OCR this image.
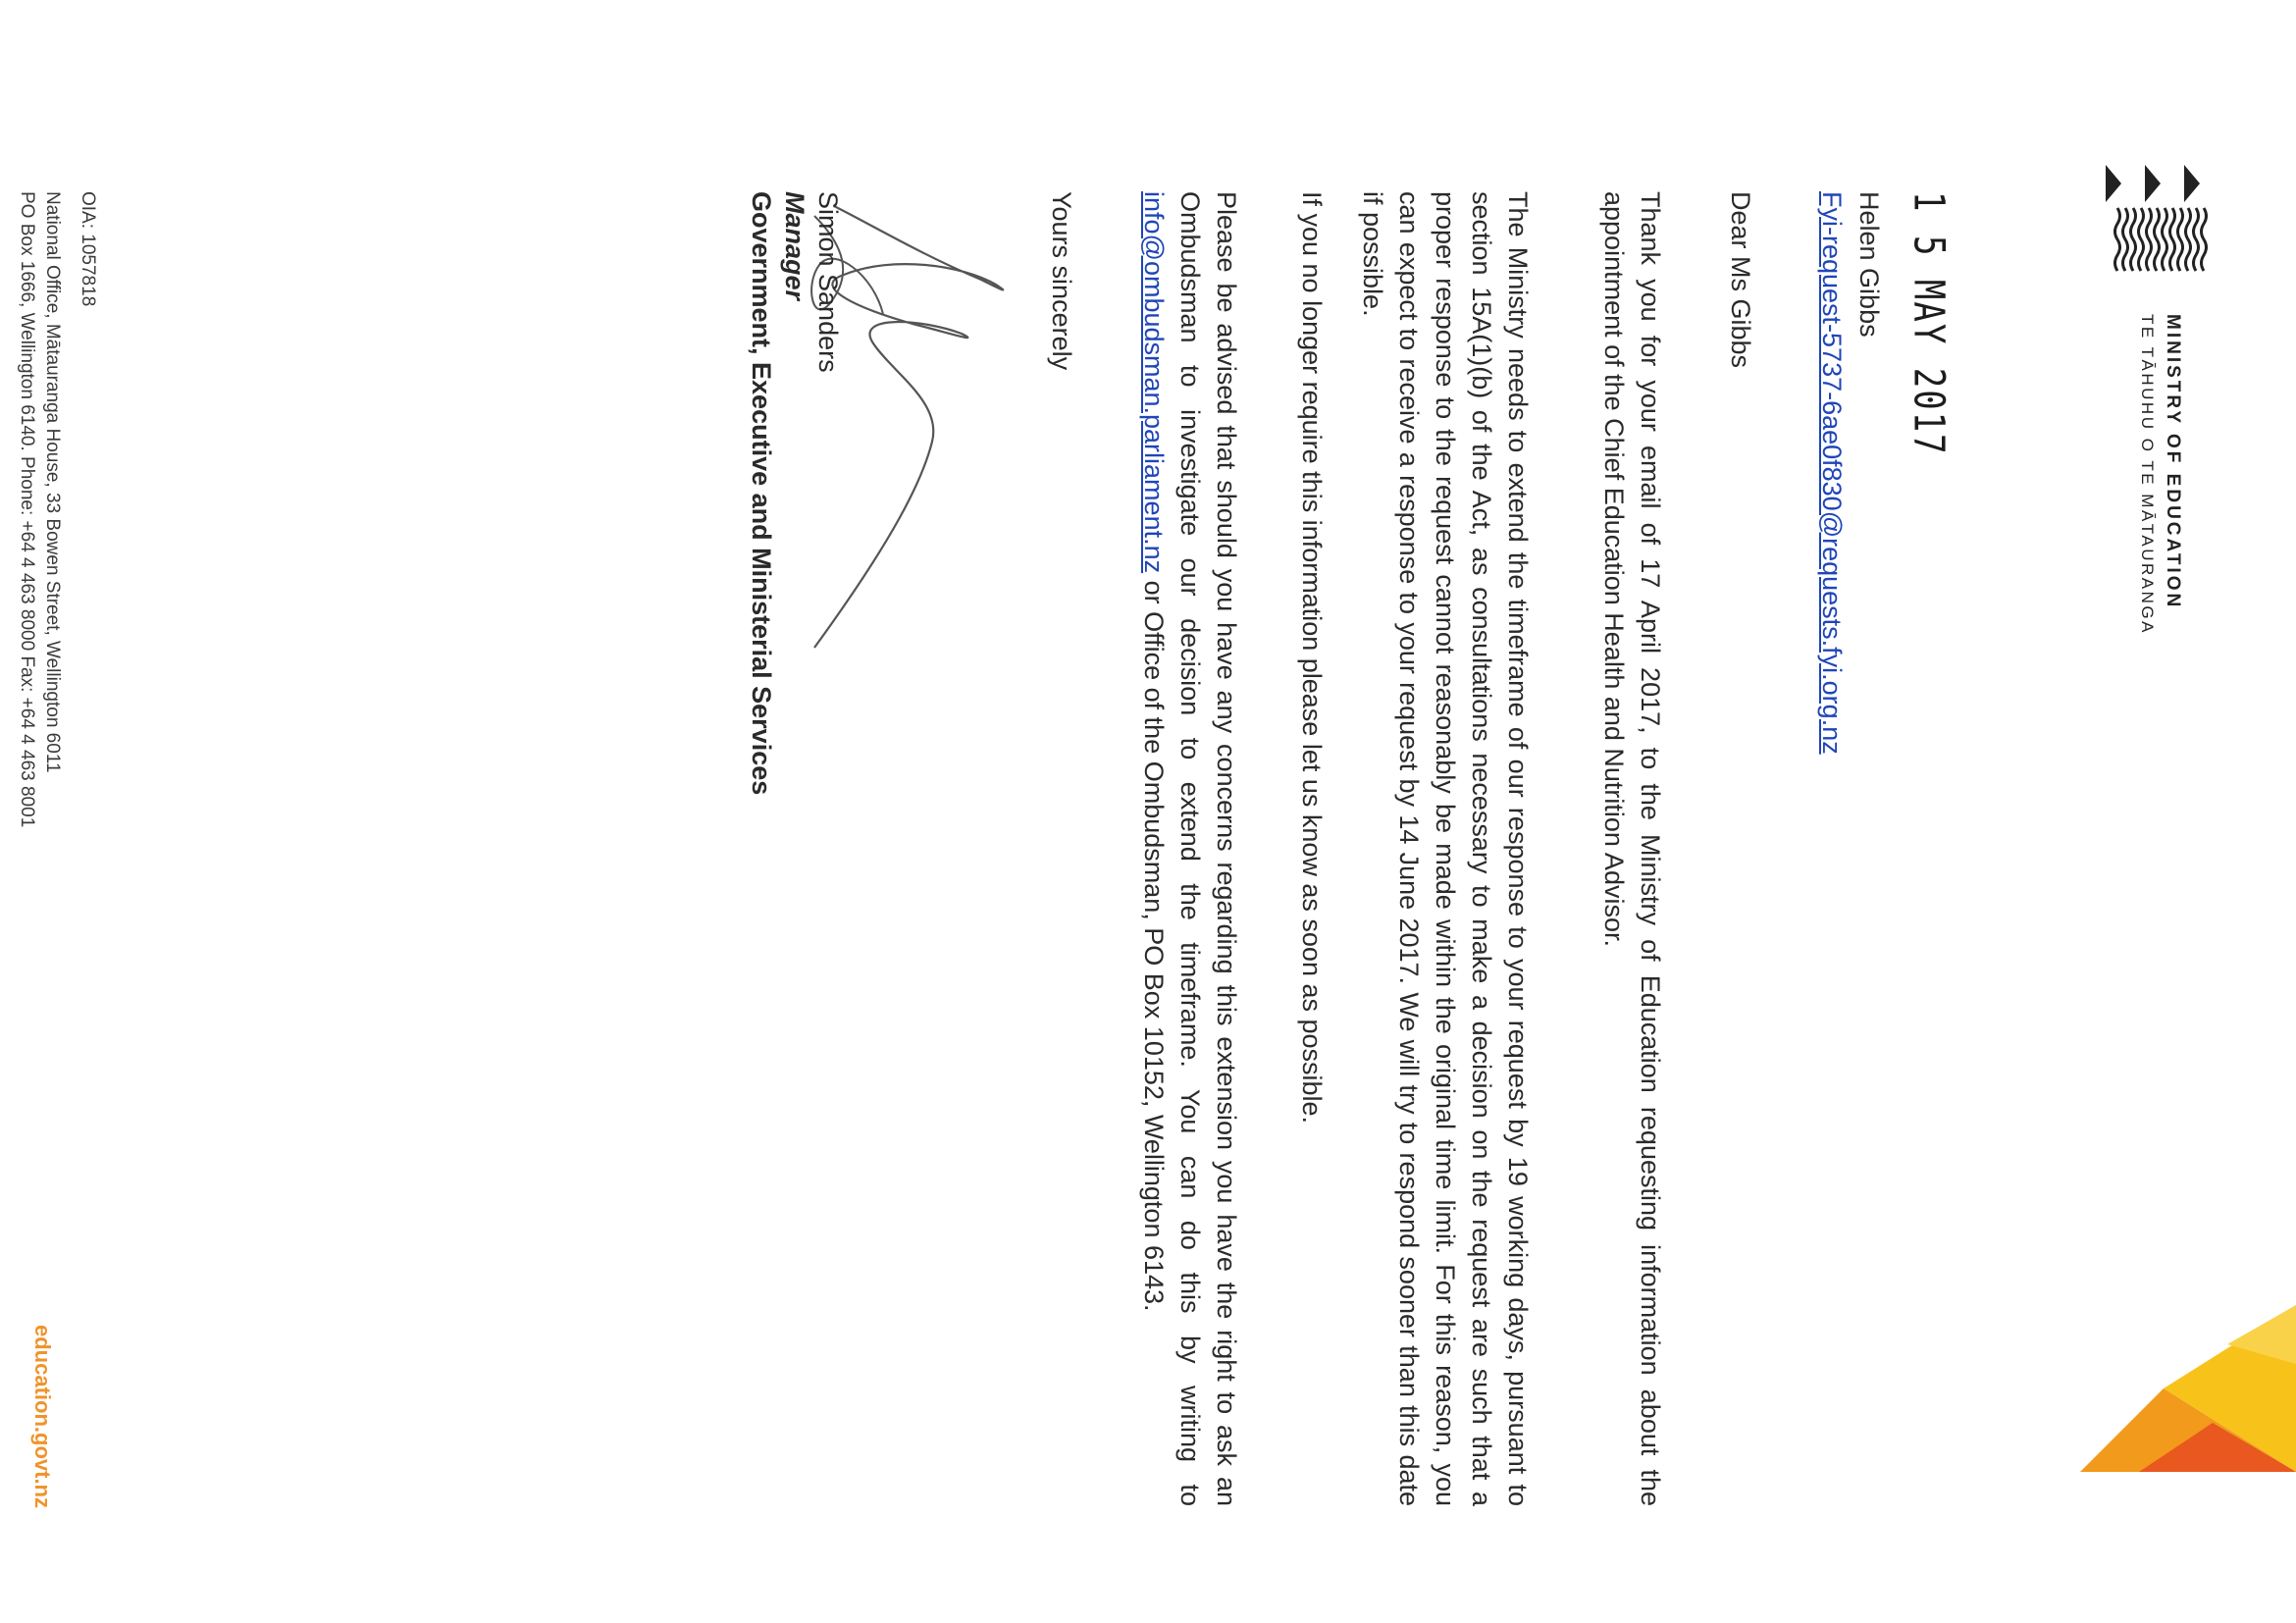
MINISTRY OF EDUCATION
TE TĀHUHU O TE MĀTAURANGA
1 5 MAY 2017
Helen Gibbs
Fyi-request-5737-6ae0f830@requests.fyi.org.nz
Dear Ms Gibbs
Thank you for your email of 17 April 2017, to the Ministry of Education requesting information about the appointment of the Chief Education Health and Nutrition Advisor.
The Ministry needs to extend the timeframe of our response to your request by 19 working days, pursuant to section 15A(1)(b) of the Act, as consultations necessary to make a decision on the request are such that a proper response to the request cannot reasonably be made within the original time limit. For this reason, you can expect to receive a response to your request by 14 June 2017. We will try to respond sooner than this date if possible.
If you no longer require this information please let us know as soon as possible.
Please be advised that should you have any concerns regarding this extension you have the right to ask an Ombudsman to investigate our decision to extend the timeframe. You can do this by writing to info@ombudsman.parliament.nz or Office of the Ombudsman, PO Box 10152, Wellington 6143.
Yours sincerely
Simon Sanders
Manager
Government, Executive and Ministerial Services
OIA: 1057818
National Office, Mātauranga House, 33 Bowen Street, Wellington 6011
PO Box 1666, Wellington 6140. Phone: +64 4 463 8000 Fax: +64 4 463 8001
education.govt.nz
